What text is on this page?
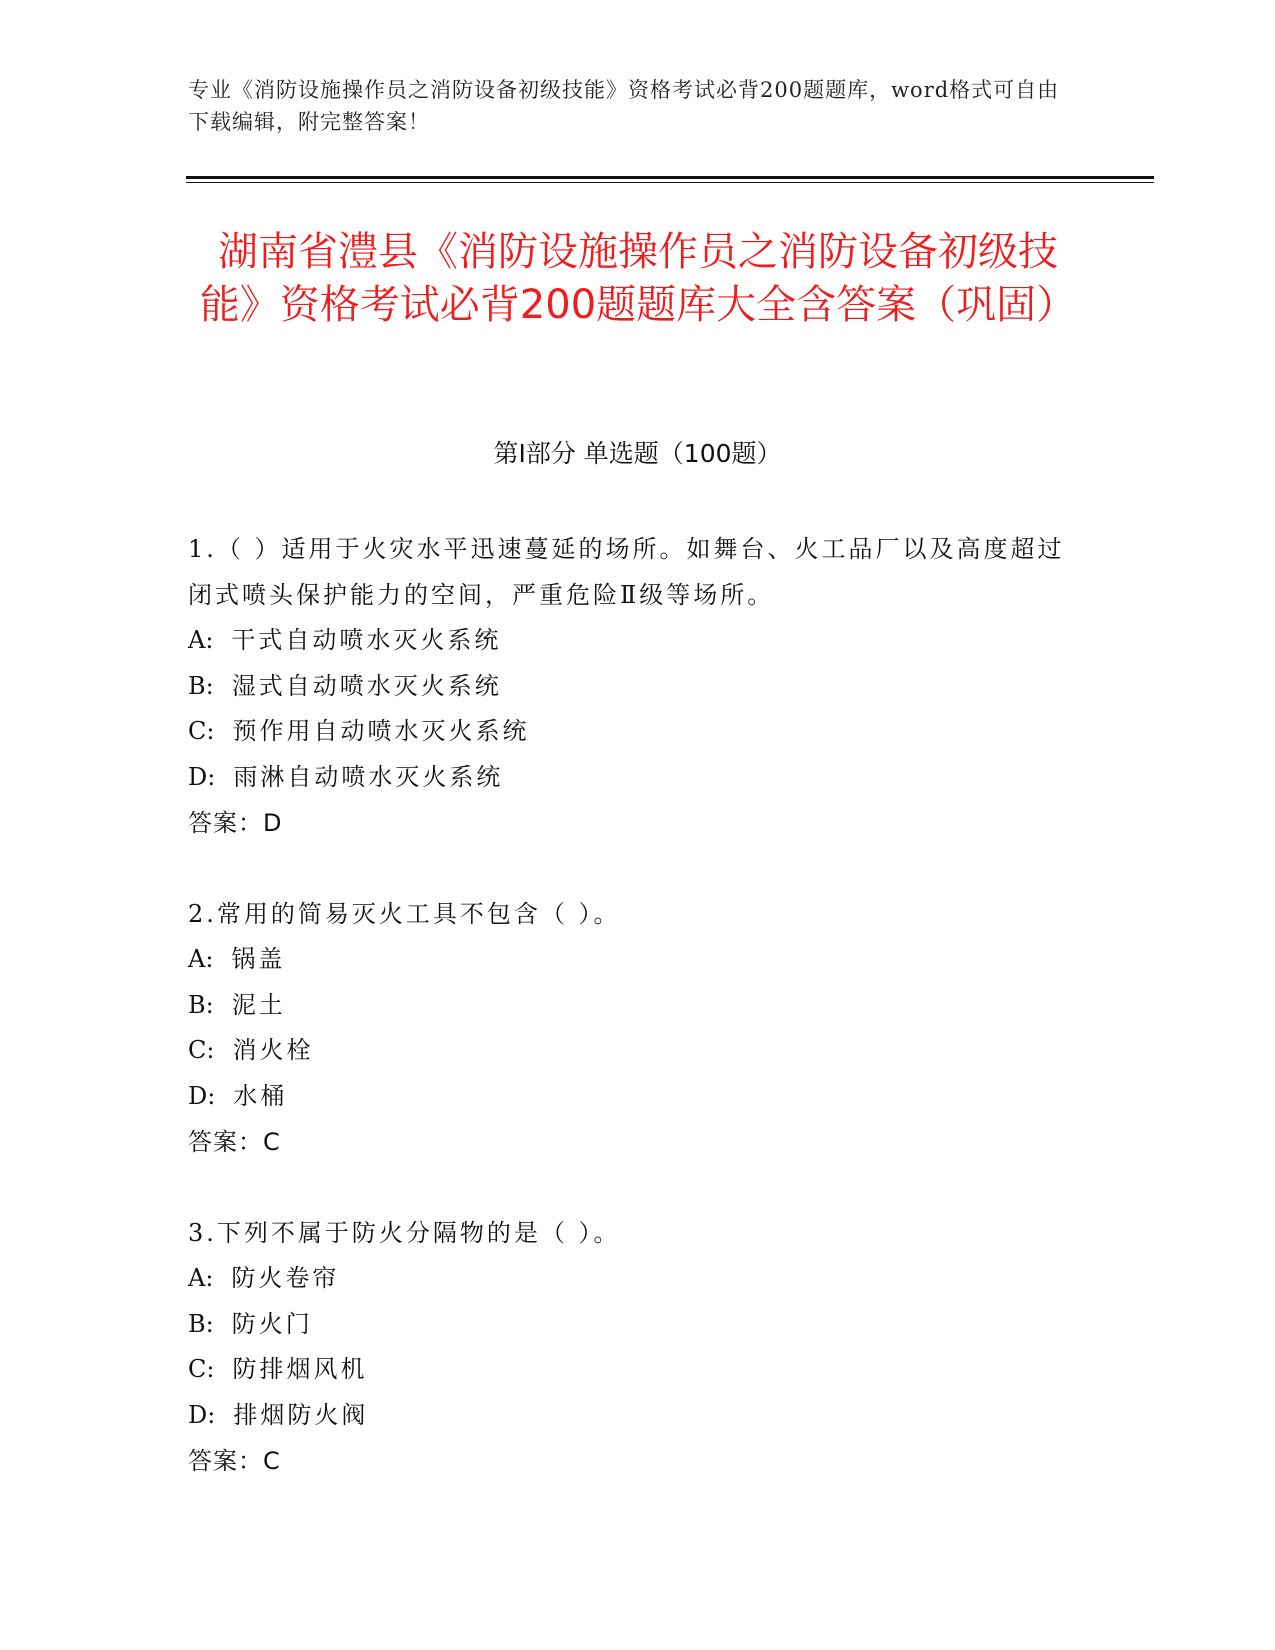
专业《消防设施操作员之消防设备初级技能》资格考试必背200题题库，word格式可自由下载编辑，附完整答案！
湖南省澧县《消防设施操作员之消防设备初级技能》资格考试必背200题题库大全含答案（巩固）
第Ⅰ部分 单选题（100题）
1.（ ）适用于火灾水平迅速蔓延的场所。如舞台、火工品厂以及高度超过闭式喷头保护能力的空间，严重危险Ⅱ级等场所。
A: 干式自动喷水灭火系统
B: 湿式自动喷水灭火系统
C: 预作用自动喷水灭火系统
D: 雨淋自动喷水灭火系统
答案：D
2.常用的简易灭火工具不包含（ ）。
A: 锅盖
B: 泥土
C: 消火栓
D: 水桶
答案：C
3.下列不属于防火分隔物的是（ ）。
A: 防火卷帘
B: 防火门
C: 防排烟风机
D: 排烟防火阀
答案：C
